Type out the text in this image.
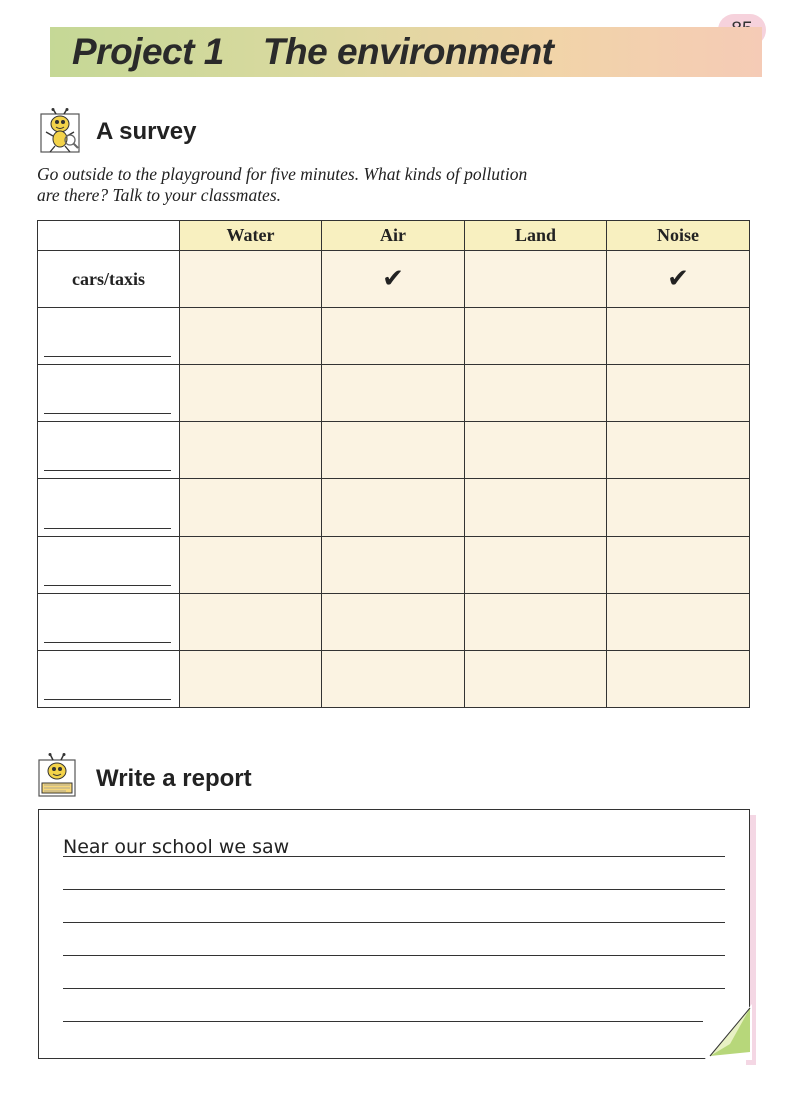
Project 1    The environment
A survey
Go outside to the playground for five minutes. What kinds of pollution
are there? Talk to your classmates.
	Water	Air	Land	Noise
cars/taxis		✔		✔

Write a report
Near our school we saw
